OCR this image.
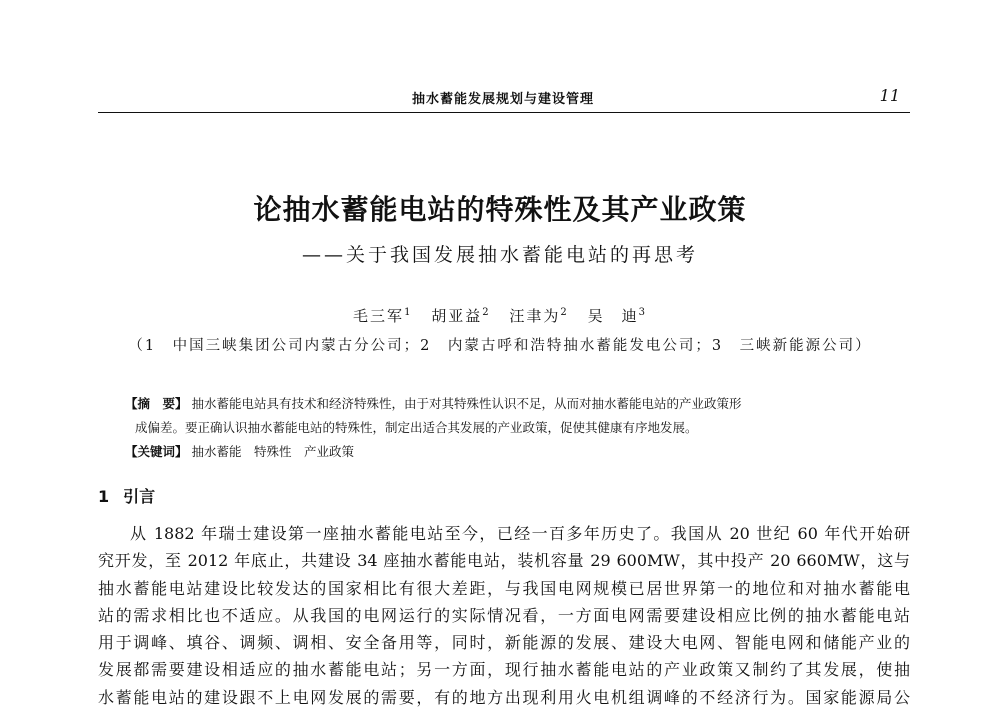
抽水蓄能发展规划与建设管理	11
论抽水蓄能电站的特殊性及其产业政策
——关于我国发展抽水蓄能电站的再思考
毛三军$^1$ 胡亚益$^2$ 汪聿为$^2$ 吴　迪$^3$
（1　中国三峡集团公司内蒙古分公司；2　内蒙古呼和浩特抽水蓄能发电公司；3　三峡新能源公司）
【摘　要】 抽水蓄能电站具有技术和经济特殊性，由于对其特殊性认识不足，从而对抽水蓄能电站的产业政策形
成偏差。要正确认识抽水蓄能电站的特殊性，制定出适合其发展的产业政策，促使其健康有序地发展。
【关键词】 抽水蓄能　特殊性　产业政策
1 引言
从 1882 年瑞士建设第一座抽水蓄能电站至今，已经一百多年历史了。我国从 20 世纪 60 年代开始研
究开发，至 2012 年底止，共建设 34 座抽水蓄能电站，装机容量 29 600MW，其中投产 20 660MW，这与
抽水蓄能电站建设比较发达的国家相比有很大差距，与我国电网规模已居世界第一的地位和对抽水蓄能电
站的需求相比也不适应。从我国的电网运行的实际情况看，一方面电网需要建设相应比例的抽水蓄能电站
用于调峰、填谷、调频、调相、安全备用等，同时，新能源的发展、建设大电网、智能电网和储能产业的
发展都需要建设相适应的抽水蓄能电站；另一方面，现行抽水蓄能电站的产业政策又制约了其发展，使抽
水蓄能电站的建设跟不上电网发展的需要，有的地方出现利用火电机组调峰的不经济行为。国家能源局公
